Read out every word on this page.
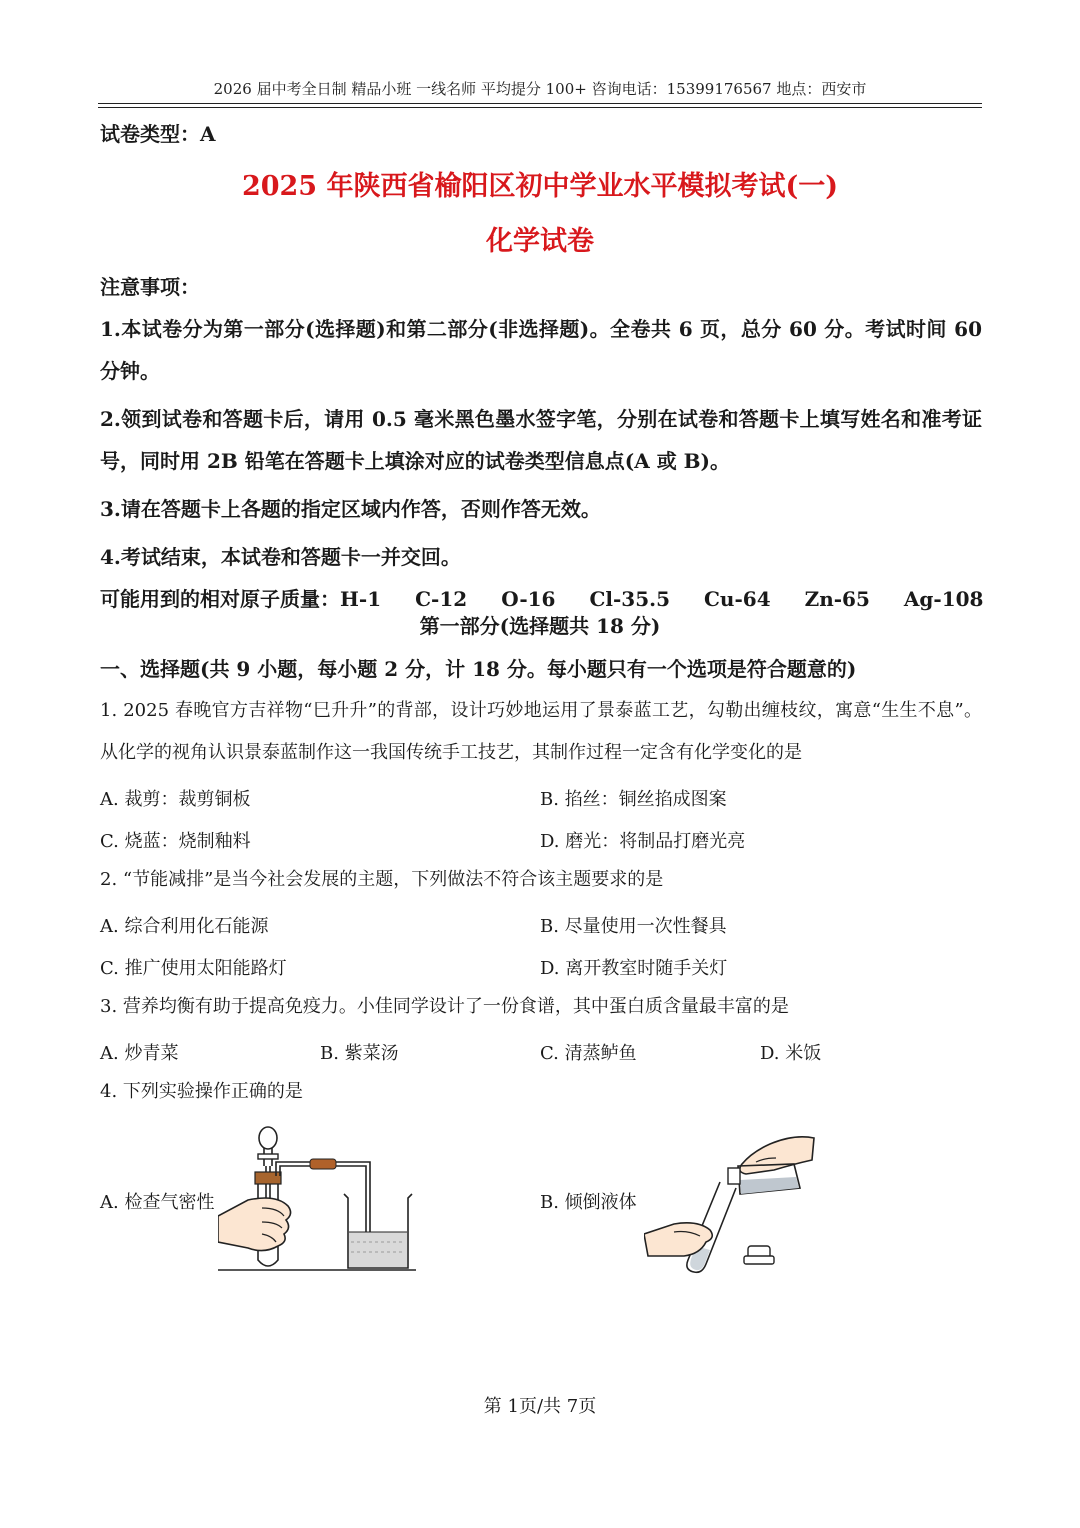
2026 届中考全日制 精品小班 一线名师 平均提分 100+ 咨询电话：15399176567 地点：西安市
试卷类型：A
2025 年陕西省榆阳区初中学业水平模拟考试(一)
化学试卷
注意事项：
1.本试卷分为第一部分(选择题)和第二部分(非选择题)。全卷共 6 页，总分 60 分。考试时间 60 分钟。
2.领到试卷和答题卡后，请用 0.5 毫米黑色墨水签字笔，分别在试卷和答题卡上填写姓名和准考证号，同时用 2B 铅笔在答题卡上填涂对应的试卷类型信息点(A 或 B)。
3.请在答题卡上各题的指定区域内作答，否则作答无效。
4.考试结束，本试卷和答题卡一并交回。
可能用到的相对原子质量：H-1 C-12 O-16 Cl-35.5 Cu-64 Zn-65 Ag-108
第一部分(选择题共 18 分)
一、选择题(共 9 小题，每小题 2 分，计 18 分。每小题只有一个选项是符合题意的)
1. 2025 春晚官方吉祥物“巳升升”的背部，设计巧妙地运用了景泰蓝工艺，勾勒出缠枝纹，寓意“生生不息”。从化学的视角认识景泰蓝制作这一我国传统手工技艺，其制作过程一定含有化学变化的是
A. 裁剪：裁剪铜板	B. 掐丝：铜丝掐成图案
C. 烧蓝：烧制釉料	D. 磨光：将制品打磨光亮
2. “节能减排”是当今社会发展的主题，下列做法不符合该主题要求的是
A. 综合利用化石能源	B. 尽量使用一次性餐具
C. 推广使用太阳能路灯	D. 离开教室时随手关灯
3. 营养均衡有助于提高免疫力。小佳同学设计了一份食谱，其中蛋白质含量最丰富的是
A. 炒青菜	B. 紫菜汤	C. 清蒸鲈鱼	D. 米饭
4. 下列实验操作正确的是
A. 检查气密性	B. 倾倒液体
第 1页/共 7页
